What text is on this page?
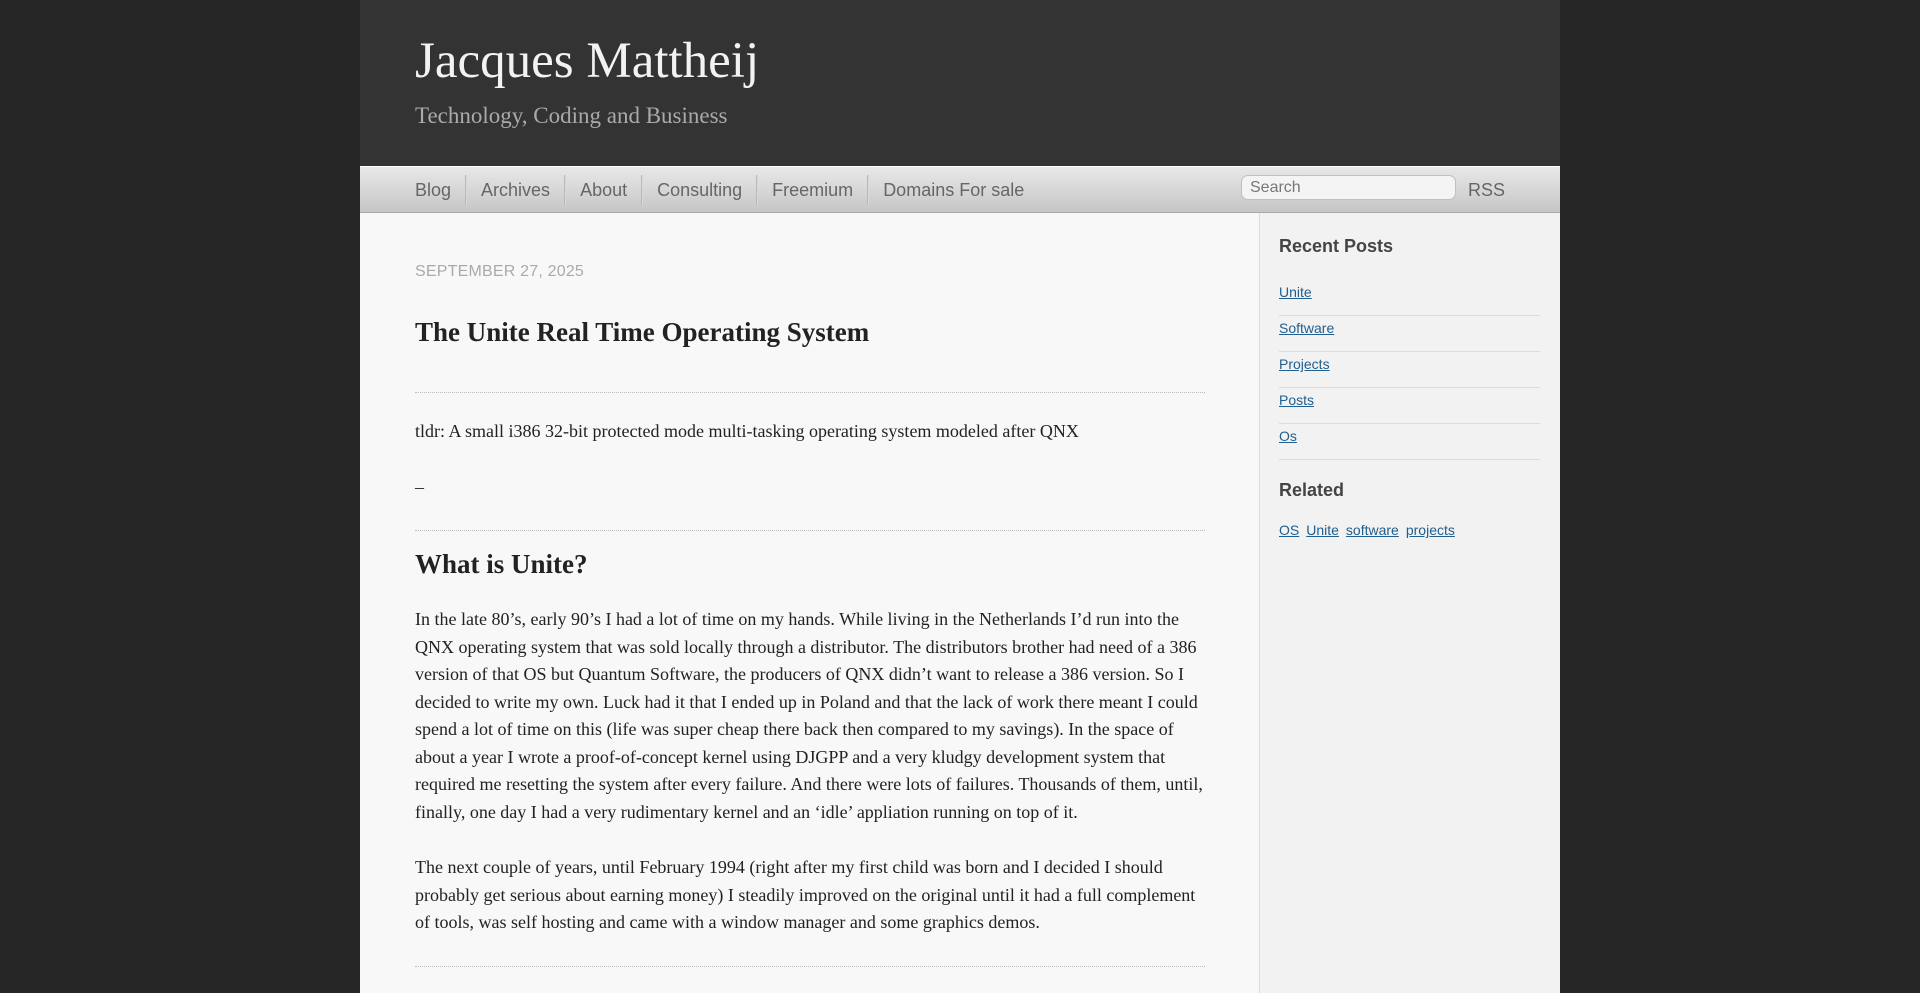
Jacques Mattheij
Technology, Coding and Business
Blog	Archives	About	Consulting	Freemium	Domains For sale
Search	RSS
SEPTEMBER 27, 2025
The Unite Real Time Operating System

tldr: A small i386 32-bit protected mode multi-tasking operating system modeled after QNX

–

What is Unite?

In the late 80’s, early 90’s I had a lot of time on my hands. While living in the Netherlands I’d run into the QNX operating system that was sold locally through a distributor. The distributors brother had need of a 386 version of that OS but Quantum Software, the producers of QNX didn’t want to release a 386 version. So I decided to write my own. Luck had it that I ended up in Poland and that the lack of work there meant I could spend a lot of time on this (life was super cheap there back then compared to my savings). In the space of about a year I wrote a proof-of-concept kernel using DJGPP and a very kludgy development system that required me resetting the system after every failure. And there were lots of failures. Thousands of them, until, finally, one day I had a very rudimentary kernel and an ‘idle’ appliation running on top of it.

The next couple of years, until February 1994 (right after my first child was born and I decided I should probably get serious about earning money) I steadily improved on the original until it had a full complement of tools, was self hosting and came with a window manager and some graphics demos.

Recent Posts
Unite
Software
Projects
Posts
Os
Related
OS Unite software projects
